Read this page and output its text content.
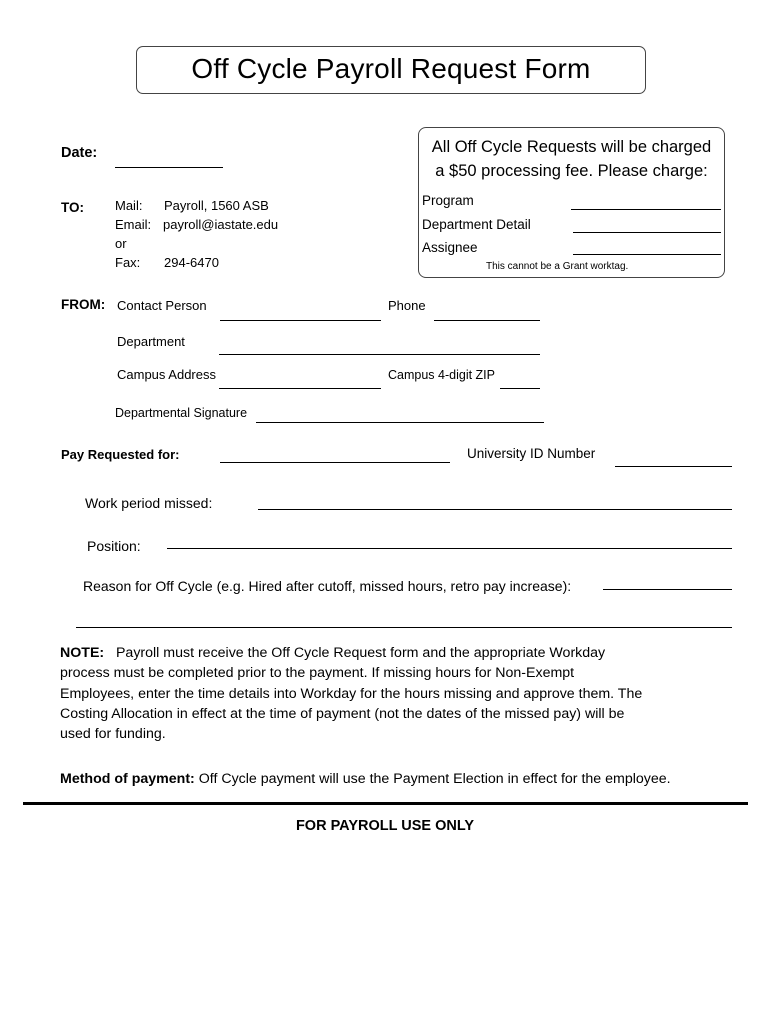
Off Cycle Payroll Request Form
Date:
TO: Mail: Payroll, 1560 ASB
Email: payroll@iastate.edu
or
Fax: 294-6470
All Off Cycle Requests will be charged
a $50 processing fee. Please charge:
Program
Department Detail
Assignee
This cannot be a Grant worktag.
FROM: Contact Person	Phone
Department
Campus Address	Campus 4-digit ZIP
Departmental Signature
Pay Requested for:	University ID Number
Work period missed:
Position:
Reason for Off Cycle (e.g. Hired after cutoff, missed hours, retro pay increase):
NOTE: Payroll must receive the Off Cycle Request form and the appropriate Workday
process must be completed prior to the payment. If missing hours for Non-Exempt
Employees, enter the time details into Workday for the hours missing and approve them. The
Costing Allocation in effect at the time of payment (not the dates of the missed pay) will be
used for funding.
Method of payment: Off Cycle payment will use the Payment Election in effect for the employee.
FOR PAYROLL USE ONLY
